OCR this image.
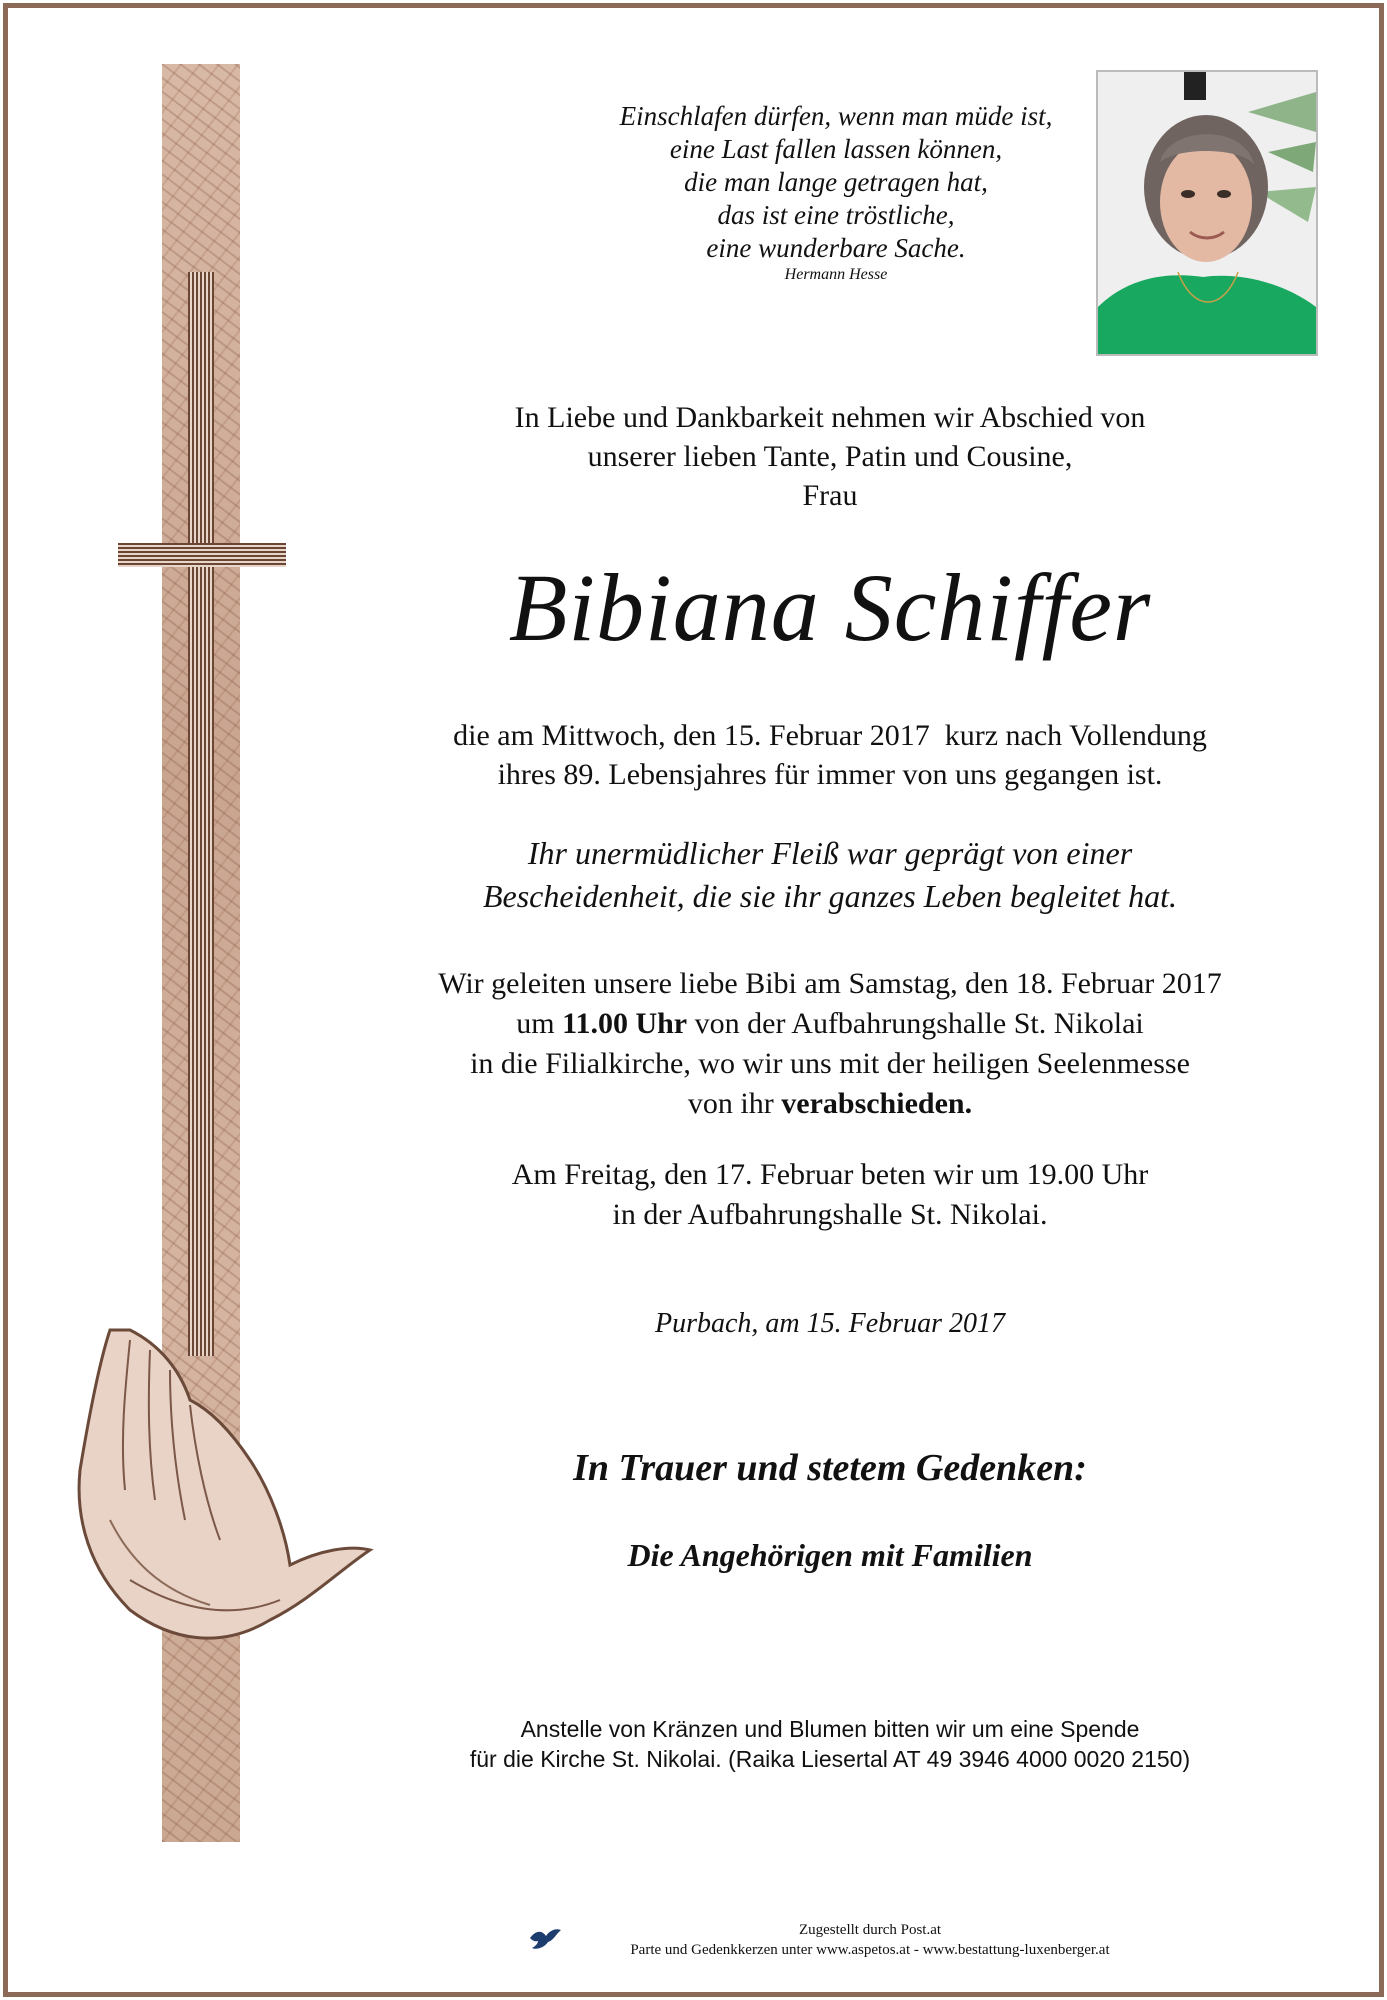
Einschlafen dürfen, wenn man müde ist,
eine Last fallen lassen können,
die man lange getragen hat,
das ist eine tröstliche,
eine wunderbare Sache.
Hermann Hesse
In Liebe und Dankbarkeit nehmen wir Abschied von
unserer lieben Tante, Patin und Cousine,
Frau
Bibiana Schiffer
die am Mittwoch, den 15. Februar 2017  kurz nach Vollendung
ihres 89. Lebensjahres für immer von uns gegangen ist.
Ihr unermüdlicher Fleiß war geprägt von einer
Bescheidenheit, die sie ihr ganzes Leben begleitet hat.
Wir geleiten unsere liebe Bibi am Samstag, den 18. Februar 2017
um 11.00 Uhr von der Aufbahrungshalle St. Nikolai
in die Filialkirche, wo wir uns mit der heiligen Seelenmesse
von ihr verabschieden.
Am Freitag, den 17. Februar beten wir um 19.00 Uhr
in der Aufbahrungshalle St. Nikolai.
Purbach, am 15. Februar 2017
In Trauer und stetem Gedenken:
Die Angehörigen mit Familien
Anstelle von Kränzen und Blumen bitten wir um eine Spende
für die Kirche St. Nikolai. (Raika Liesertal AT 49 3946 4000 0020 2150)
Zugestellt durch Post.at
Parte und Gedenkkerzen unter www.aspetos.at - www.bestattung-luxenberger.at
